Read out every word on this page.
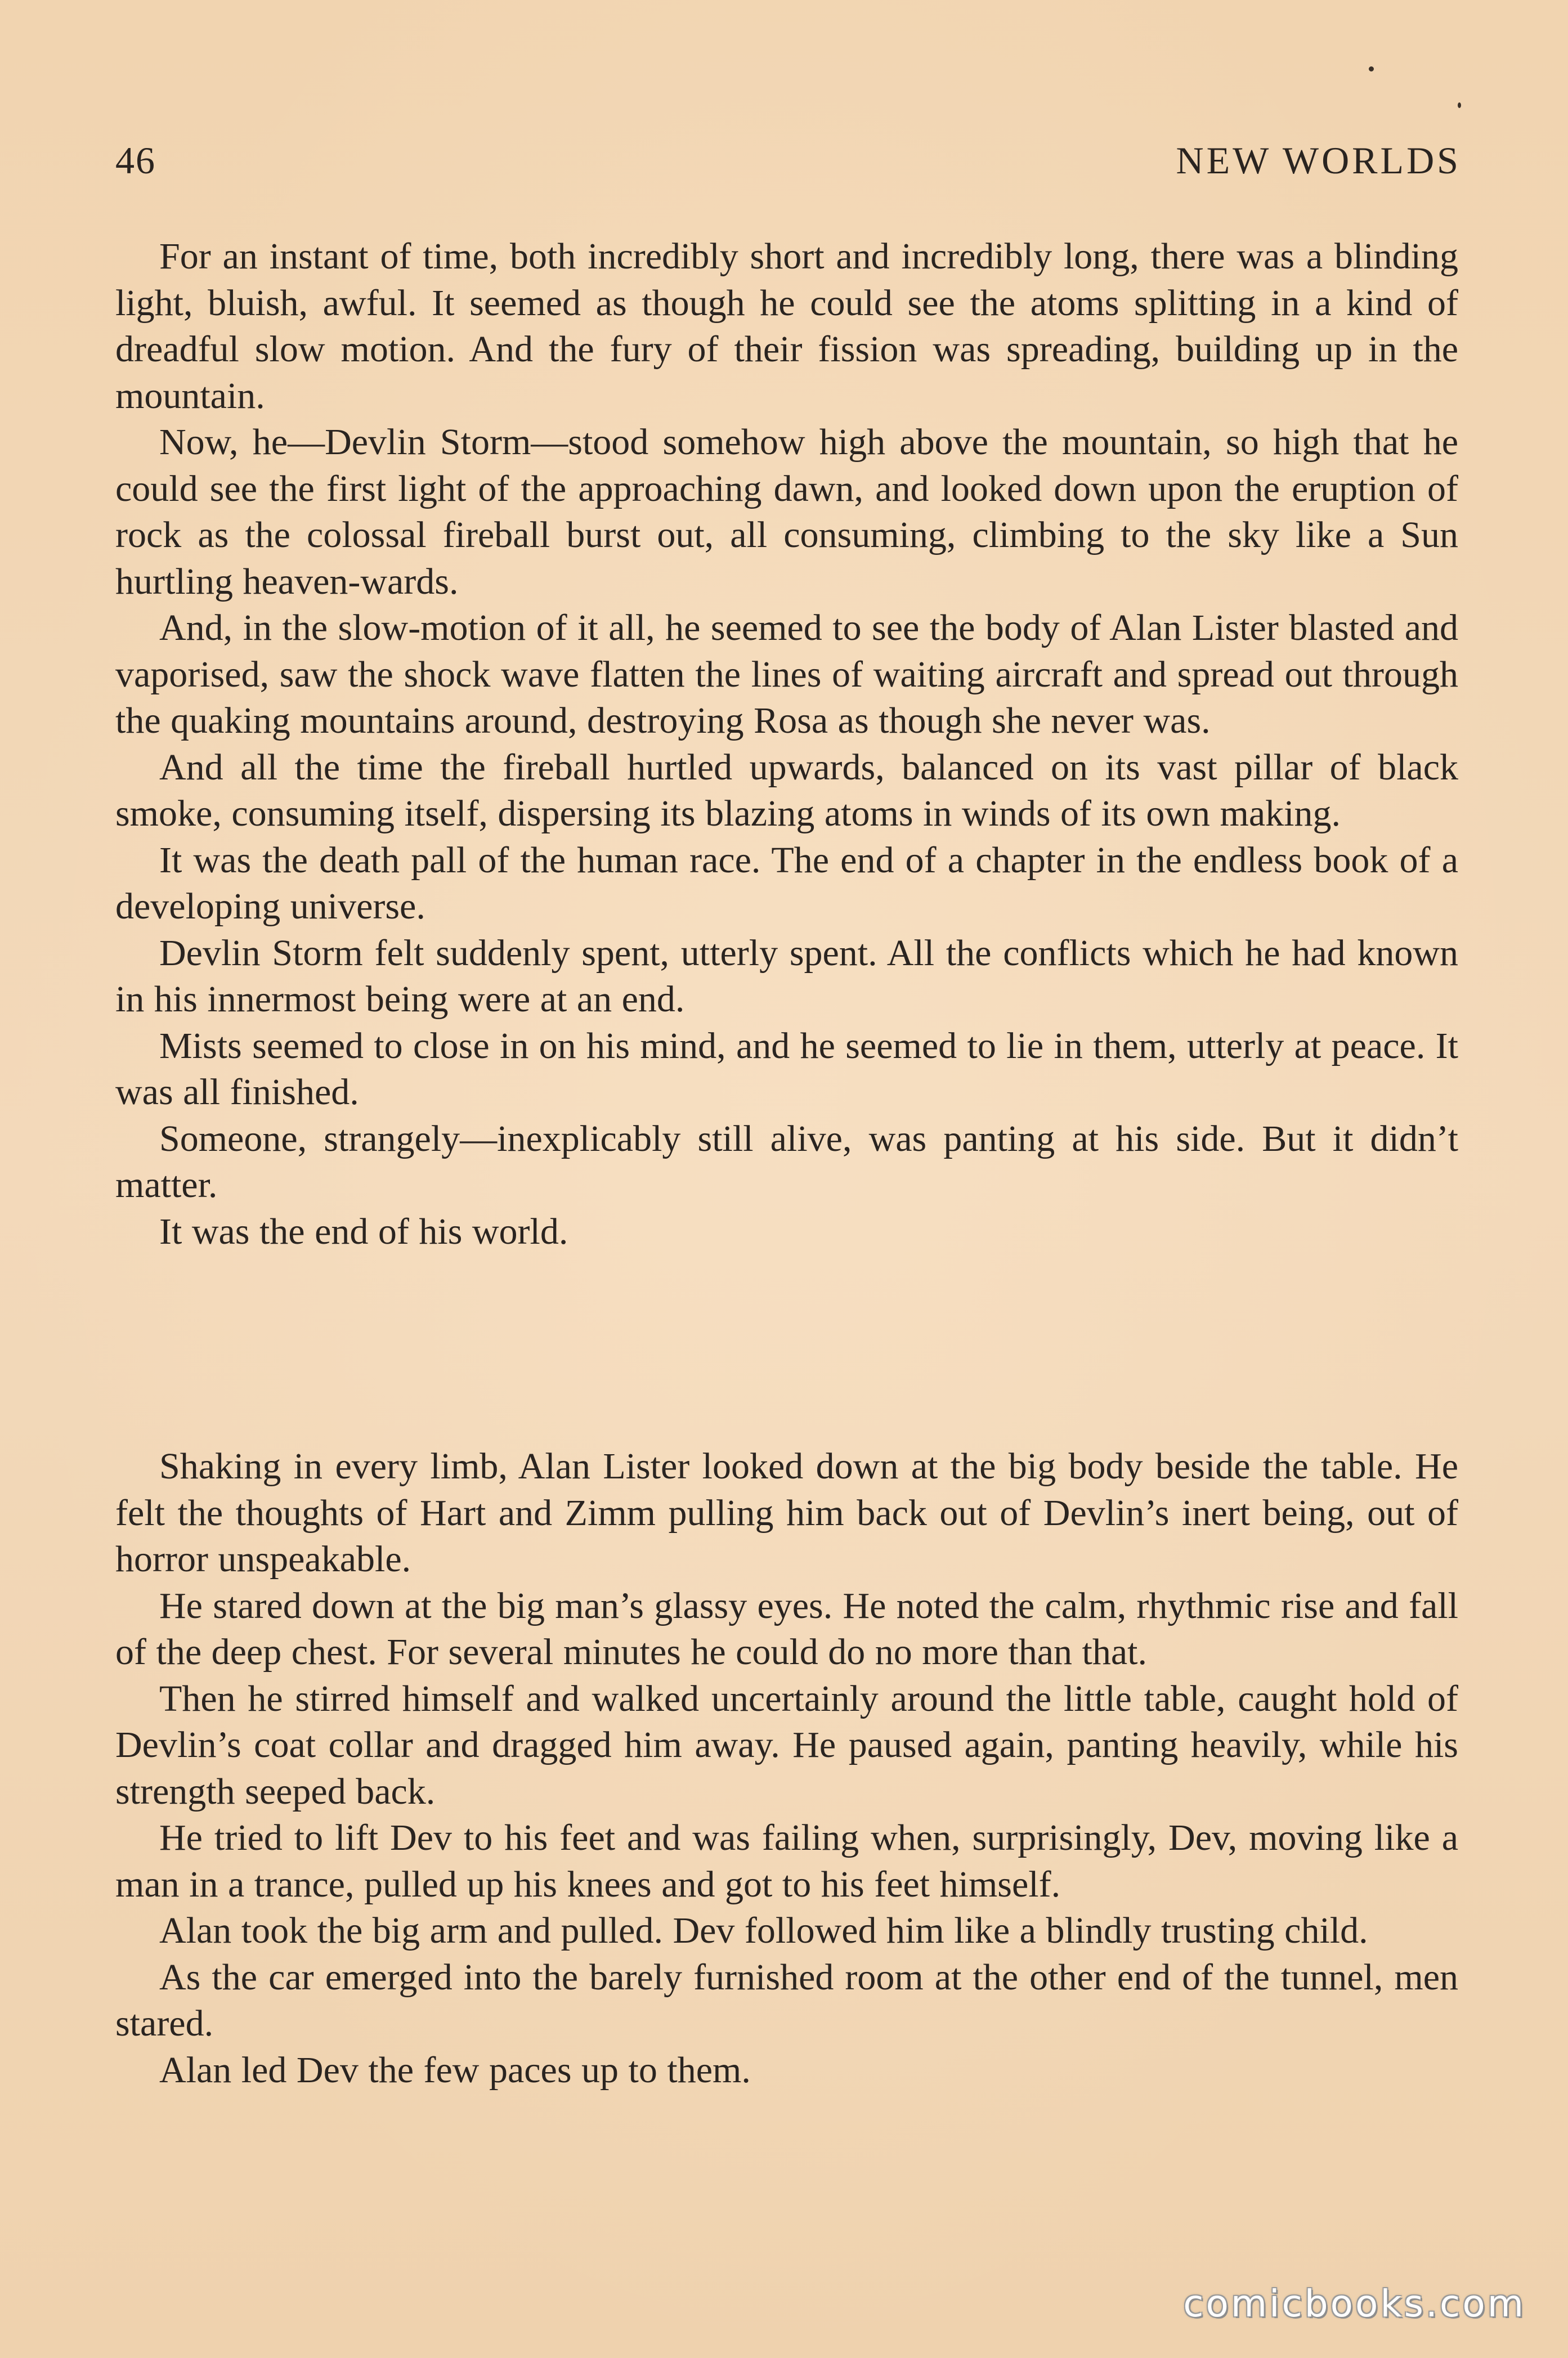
46	NEW WORLDS

For an instant of time, both incredibly short and incredibly long, there was a blinding light, bluish, awful. It seemed as though he could see the atoms splitting in a kind of dreadful slow motion. And the fury of their fission was spreading, building up in the mountain.

Now, he—Devlin Storm—stood somehow high above the mountain, so high that he could see the first light of the approaching dawn, and looked down upon the eruption of rock as the colossal fireball burst out, all consuming, climbing to the sky like a Sun hurtling heaven-wards.

And, in the slow-motion of it all, he seemed to see the body of Alan Lister blasted and vaporised, saw the shock wave flatten the lines of waiting aircraft and spread out through the quaking mountains around, destroying Rosa as though she never was.

And all the time the fireball hurtled upwards, balanced on its vast pillar of black smoke, consuming itself, dispersing its blazing atoms in winds of its own making.

It was the death pall of the human race. The end of a chapter in the endless book of a developing universe.

Devlin Storm felt suddenly spent, utterly spent. All the conflicts which he had known in his innermost being were at an end.

Mists seemed to close in on his mind, and he seemed to lie in them, utterly at peace. It was all finished.

Someone, strangely—inexplicably still alive, was panting at his side. But it didn’t matter.

It was the end of his world.

Shaking in every limb, Alan Lister looked down at the big body beside the table. He felt the thoughts of Hart and Zimm pulling him back out of Devlin’s inert being, out of horror unspeakable.

He stared down at the big man’s glassy eyes. He noted the calm, rhythmic rise and fall of the deep chest. For several minutes he could do no more than that.

Then he stirred himself and walked uncertainly around the little table, caught hold of Devlin’s coat collar and dragged him away. He paused again, panting heavily, while his strength seeped back.

He tried to lift Dev to his feet and was failing when, surprisingly, Dev, moving like a man in a trance, pulled up his knees and got to his feet himself.

Alan took the big arm and pulled. Dev followed him like a blindly trusting child.

As the car emerged into the barely furnished room at the other end of the tunnel, men stared.

Alan led Dev the few paces up to them.

comicbooks.com
